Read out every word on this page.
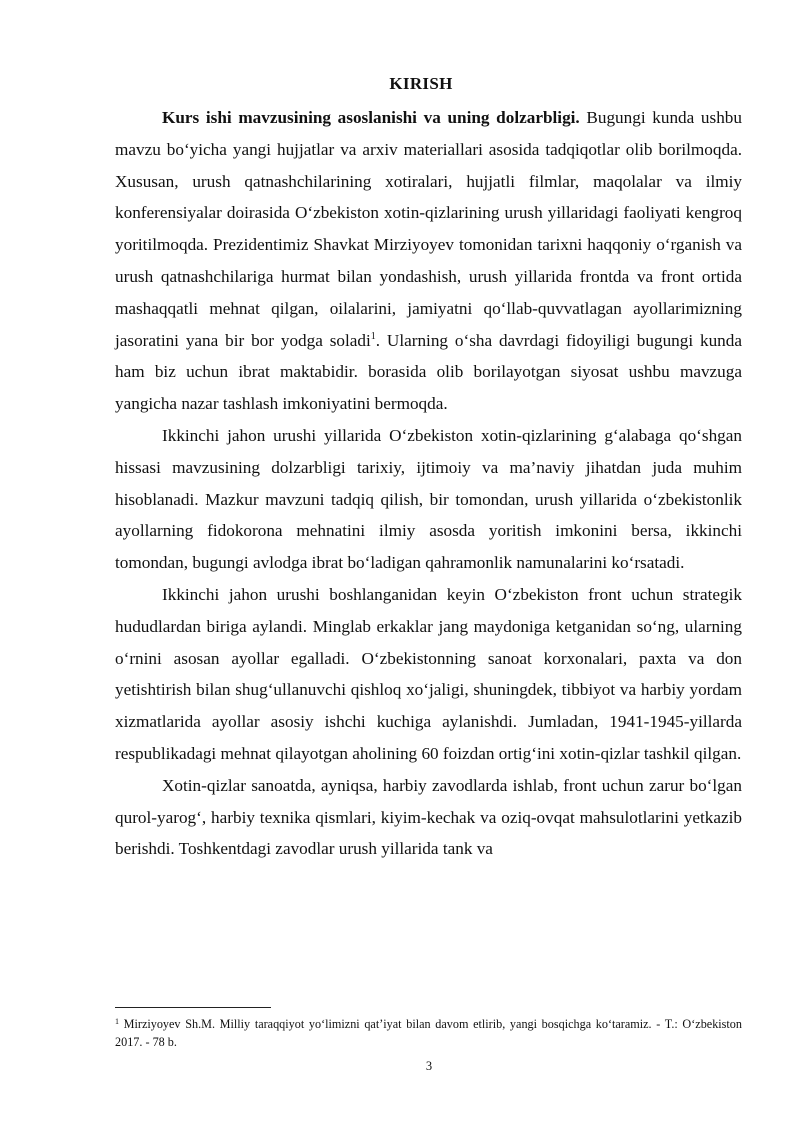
KIRISH

Kurs ishi mavzusining asoslanishi va uning dolzarbligi. Bugungi kunda ushbu mavzu bo‘yicha yangi hujjatlar va arxiv materiallari asosida tadqiqotlar olib borilmoqda. Xususan, urush qatnashchilarining xotiralari, hujjatli filmlar, maqolalar va ilmiy konferensiyalar doirasida O‘zbekiston xotin-qizlarining urush yillaridagi faoliyati kengroq yoritilmoqda. Prezidentimiz Shavkat Mirziyoyev tomonidan tarixni haqqoniy o‘rganish va urush qatnashchilariga hurmat bilan yondashish, urush yillarida frontda va front ortida mashaqqatli mehnat qilgan, oilalarini, jamiyatni qo‘llab-quvvatlagan ayollarimizning jasoratini yana bir bor yodga soladi$^1$. Ularning o‘sha davrdagi fidoyiligi bugungi kunda ham biz uchun ibrat maktabidir. borasida olib borilayotgan siyosat ushbu mavzuga yangicha nazar tashlash imkoniyatini bermoqda.

Ikkinchi jahon urushi yillarida O‘zbekiston xotin-qizlarining g‘alabaga qo‘shgan hissasi mavzusining dolzarbligi tarixiy, ijtimoiy va ma’naviy jihatdan juda muhim hisoblanadi. Mazkur mavzuni tadqiq qilish, bir tomondan, urush yillarida o‘zbekistonlik ayollarning fidokorona mehnatini ilmiy asosda yoritish imkonini bersa, ikkinchi tomondan, bugungi avlodga ibrat bo‘ladigan qahramonlik namunalarini ko‘rsatadi.

Ikkinchi jahon urushi boshlanganidan keyin O‘zbekiston front uchun strategik hududlardan biriga aylandi. Minglab erkaklar jang maydoniga ketganidan so‘ng, ularning o‘rnini asosan ayollar egalladi. O‘zbekistonning sanoat korxonalari, paxta va don yetishtirish bilan shug‘ullanuvchi qishloq xo‘jaligi, shuningdek, tibbiyot va harbiy yordam xizmatlarida ayollar asosiy ishchi kuchiga aylanishdi. Jumladan, 1941-1945-yillarda respublikadagi mehnat qilayotgan aholining 60 foizdan ortig‘ini xotin-qizlar tashkil qilgan.

Xotin-qizlar sanoatda, ayniqsa, harbiy zavodlarda ishlab, front uchun zarur bo‘lgan qurol-yarog‘, harbiy texnika qismlari, kiyim-kechak va oziq-ovqat mahsulotlarini yetkazib berishdi. Toshkentdagi zavodlar urush yillarida tank va

$^1$ Mirziyoyev Sh.M. Milliy taraqqiyot yo‘limizni qat’iyat bilan davom etlirib, yangi bosqichga ko‘taramiz. - T.: O‘zbekiston 2017. - 78 b.
3
